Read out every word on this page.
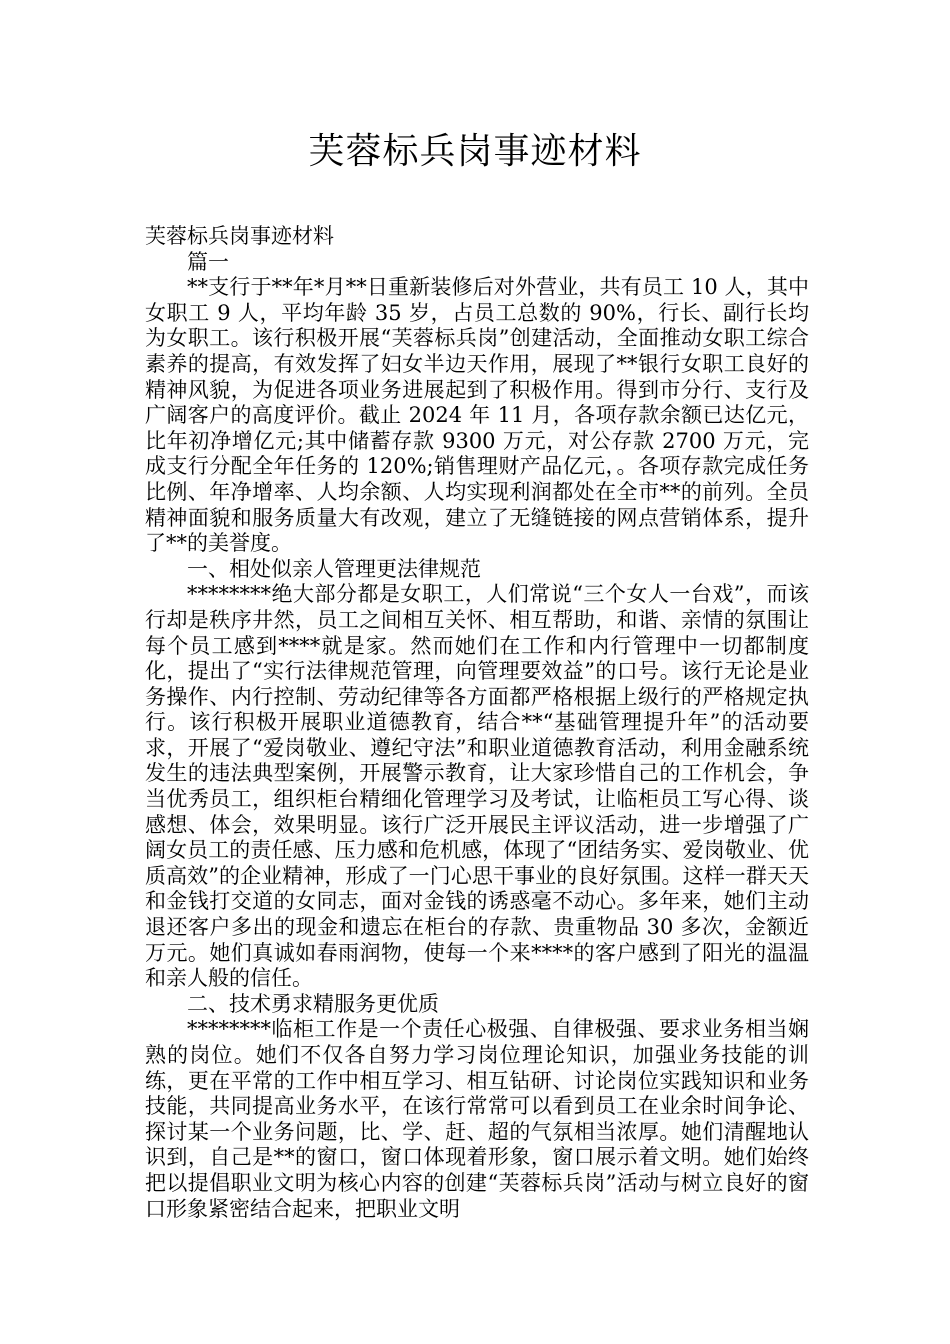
芙蓉标兵岗事迹材料

芙蓉标兵岗事迹材料

篇一

**支行于**年*月**日重新装修后对外营业，共有员工 10 人，其中女职工 9 人，平均年龄 35 岁，占员工总数的 90%，行长、副行长均为女职工。该行积极开展“芙蓉标兵岗”创建活动，全面推动女职工综合素养的提高，有效发挥了妇女半边天作用，展现了**银行女职工良好的精神风貌，为促进各项业务进展起到了积极作用。得到市分行、支行及广阔客户的高度评价。截止 2024 年 11 月，各项存款余额已达亿元，比年初净增亿元;其中储蓄存款 9300 万元，对公存款 2700 万元，完成支行分配全年任务的 120%;销售理财产品亿元，。各项存款完成任务比例、年净增率、人均余额、人均实现利润都处在全市**的前列。全员精神面貌和服务质量大有改观，建立了无缝链接的网点营销体系，提升了**的美誉度。

一、相处似亲人管理更法律规范

********绝大部分都是女职工，人们常说“三个女人一台戏”，而该行却是秩序井然，员工之间相互关怀、相互帮助，和谐、亲情的氛围让每个员工感到****就是家。然而她们在工作和内行管理中一切都制度化，提出了“实行法律规范管理，向管理要效益”的口号。该行无论是业务操作、内行控制、劳动纪律等各方面都严格根据上级行的严格规定执行。该行积极开展职业道德教育，结合**“基础管理提升年”的活动要求，开展了“爱岗敬业、遵纪守法”和职业道德教育活动，利用金融系统发生的违法典型案例，开展警示教育，让大家珍惜自己的工作机会，争当优秀员工，组织柜台精细化管理学习及考试，让临柜员工写心得、谈感想、体会，效果明显。该行广泛开展民主评议活动，进一步增强了广阔女员工的责任感、压力感和危机感，体现了“团结务实、爱岗敬业、优质高效”的企业精神，形成了一门心思干事业的良好氛围。这样一群天天和金钱打交道的女同志，面对金钱的诱惑毫不动心。多年来，她们主动退还客户多出的现金和遗忘在柜台的存款、贵重物品 30 多次，金额近万元。她们真诚如春雨润物，使每一个来****的客户感到了阳光的温温和亲人般的信任。

二、技术勇求精服务更优质

********临柜工作是一个责任心极强、自律极强、要求业务相当娴熟的岗位。她们不仅各自努力学习岗位理论知识，加强业务技能的训练，更在平常的工作中相互学习、相互钻研、讨论岗位实践知识和业务技能，共同提高业务水平，在该行常常可以看到员工在业余时间争论、探讨某一个业务问题，比、学、赶、超的气氛相当浓厚。她们清醒地认识到，自己是**的窗口，窗口体现着形象，窗口展示着文明。她们始终把以提倡职业文明为核心内容的创建“芙蓉标兵岗”活动与树立良好的窗口形象紧密结合起来，把职业文明
